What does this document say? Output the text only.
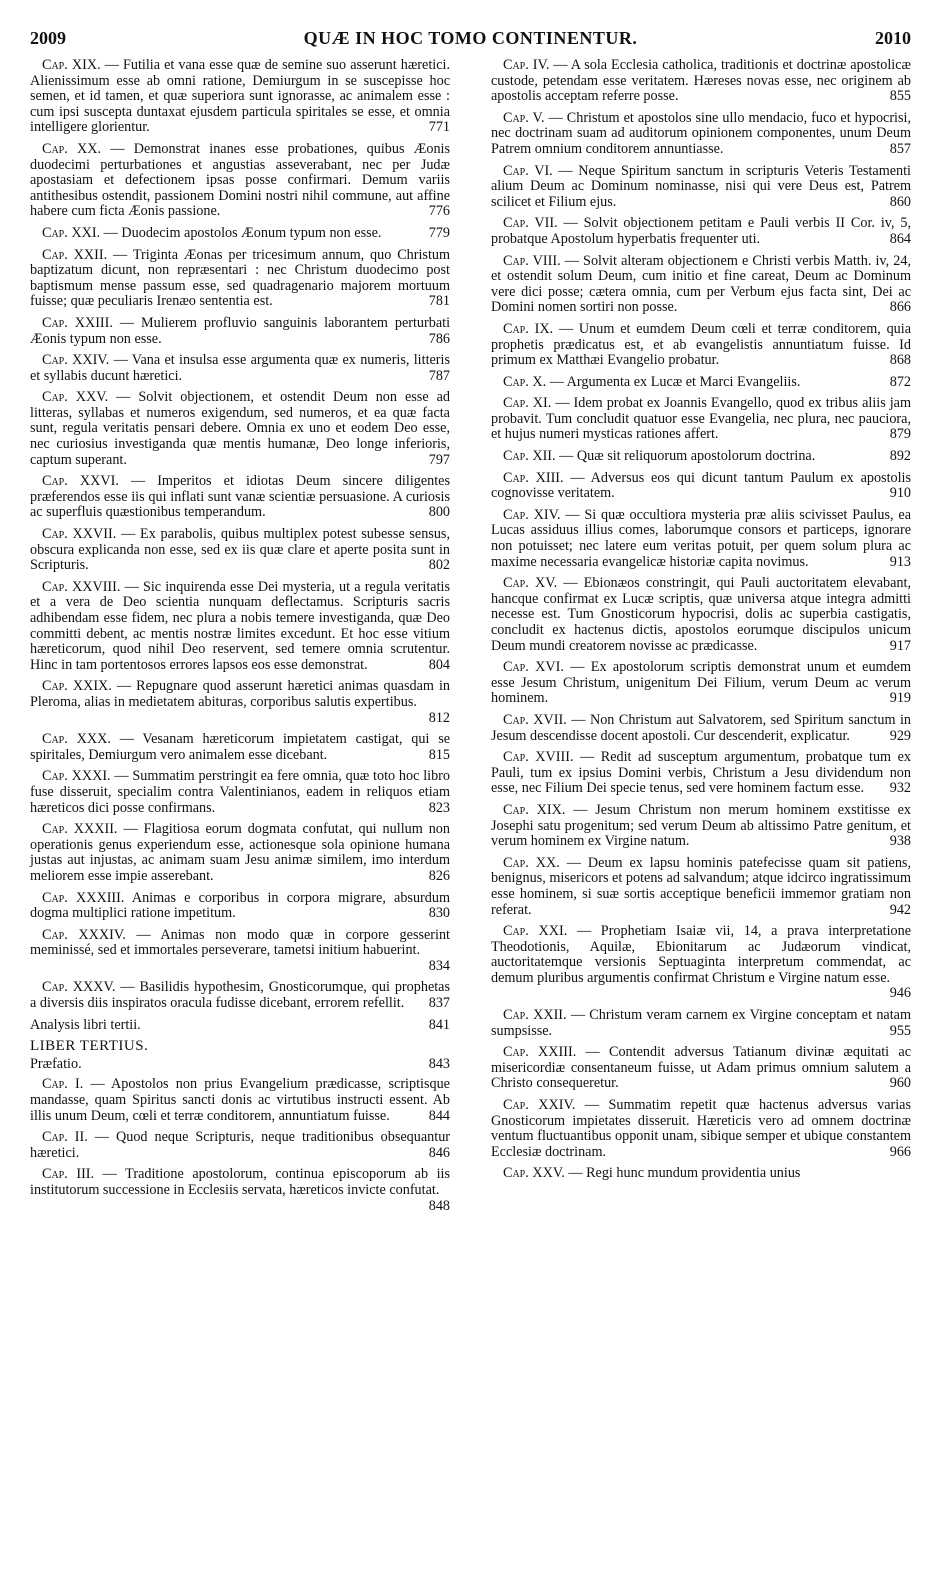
2009	QUÆ IN HOC TOMO CONTINENTUR.	2010

Cap. XIX. — Futilia et vana esse quæ de semine suo asserunt hæretici. Alienissimum esse ab omni ratione, Demiurgum in se suscepisse hoc semen, et id tamen, et quæ superiora sunt ignorasse, ac animalem esse : cum ipsi suscepta duntaxat ejusdem particula spiritales se esse, et omnia intelligere glorientur.	771

Cap. XX. — Demonstrat inanes esse probationes, quibus Æonis duodecimi perturbationes et angustias asseverabant, nec per Judæ apostasiam et defectionem ipsas posse confirmari. Demum variis antithesibus ostendit, passionem Domini nostri nihil commune, aut affine habere cum ficta Æonis passione.	776

Cap. XXI. — Duodecim apostolos Æonum typum non esse.	779

Cap. XXII. — Triginta Æonas per tricesimum annum, quo Christum baptizatum dicunt, non repræsentari : nec Christum duodecimo post baptismum mense passum esse, sed quadragenario majorem mortuum fuisse; quæ peculiaris Irenæo sententia est.	781

Cap. XXIII. — Mulierem profluvio sanguinis laborantem perturbati Æonis typum non esse.	786

Cap. XXIV. — Vana et insulsa esse argumenta quæ ex numeris, litteris et syllabis ducunt hæretici.	787

Cap. XXV. — Solvit objectionem, et ostendit Deum non esse ad litteras, syllabas et numeros exigendum, sed numeros, et ea quæ facta sunt, regula veritatis pensari debere. Omnia ex uno et eodem Deo esse, nec curiosius investiganda quæ mentis humanæ, Deo longe inferioris, captum superant.	797

Cap. XXVI. — Imperitos et idiotas Deum sincere diligentes præferendos esse iis qui inflati sunt vanæ scientiæ persuasione. A curiosis ac superfluis quæstionibus temperandum.	800

Cap. XXVII. — Ex parabolis, quibus multiplex potest subesse sensus, obscura explicanda non esse, sed ex iis quæ clare et aperte posita sunt in Scripturis.	802

Cap. XXVIII. — Sic inquirenda esse Dei mysteria, ut a regula veritatis et a vera de Deo scientia nunquam deflectamus. Scripturis sacris adhibendam esse fidem, nec plura a nobis temere investiganda, quæ Deo committi debent, ac mentis nostræ limites excedunt. Et hoc esse vitium hæreticorum, quod nihil Deo reservent, sed temere omnia scrutentur. Hinc in tam portentosos errores lapsos eos esse demonstrat.	804

Cap. XXIX. — Repugnare quod asserunt hæretici animas quasdam in Pleroma, alias in medietatem abituras, corporibus salutis expertibus.
812

Cap. XXX. — Vesanam hæreticorum impietatem castigat, qui se spiritales, Demiurgum vero animalem esse dicebant.	815

Cap. XXXI. — Summatim perstringit ea fere omnia, quæ toto hoc libro fuse disseruit, specialim contra Valentinianos, eadem in reliquos etiam hæreticos dici posse confirmans.	823

Cap. XXXII. — Flagitiosa eorum dogmata confutat, qui nullum non operationis genus experiendum esse, actionesque sola opinione humana justas aut injustas, ac animam suam Jesu animæ similem, imo interdum meliorem esse impie asserebant.	826

Cap. XXXIII. Animas e corporibus in corpora migrare, absurdum dogma multiplici ratione impetitum.	830

Cap. XXXIV. — Animas non modo quæ in corpore gesserint meminissé, sed et immortales perseverare, tametsi initium habuerint.
834

Cap. XXXV. — Basilidis hypothesim, Gnosticorumque, qui prophetas a diversis diis inspiratos oracula fudisse dicebant, errorem refellit.	837

Analysis libri tertii.	841

LIBER TERTIUS.

Præfatio.	843

Cap. I. — Apostolos non prius Evangelium prædicasse, scriptisque mandasse, quam Spiritus sancti donis ac virtutibus instructi essent. Ab illis unum Deum, cœli et terræ conditorem, annuntiatum fuisse.	844

Cap. II. — Quod neque Scripturis, neque traditionibus obsequantur hæretici.	846

Cap. III. — Traditione apostolorum, continua episcoporum ab iis institutorum successione in Ecclesiis servata, hæreticos invicte confutat.
848

Cap. IV. — A sola Ecclesia catholica, traditionis et doctrinæ apostolicæ custode, petendam esse veritatem. Hæreses novas esse, nec originem ab apostolis acceptam referre posse.	855

Cap. V. — Christum et apostolos sine ullo mendacio, fuco et hypocrisi, nec doctrinam suam ad auditorum opinionem componentes, unum Deum Patrem omnium conditorem annuntiasse.	857

Cap. VI. — Neque Spiritum sanctum in scripturis Veteris Testamenti alium Deum ac Dominum nominasse, nisi qui vere Deus est, Patrem scilicet et Filium ejus.	860

Cap. VII. — Solvit objectionem petitam e Pauli verbis II Cor. iv, 5, probatque Apostolum hyperbatis frequenter uti.	864

Cap. VIII. — Solvit alteram objectionem e Christi verbis Matth. iv, 24, et ostendit solum Deum, cum initio et fine careat, Deum ac Dominum vere dici posse; cætera omnia, cum per Verbum ejus facta sint, Dei ac Domini nomen sortiri non posse.	866

Cap. IX. — Unum et eumdem Deum cœli et terræ conditorem, quia prophetis prædicatus est, et ab evangelistis annuntiatum fuisse. Id primum ex Matthæi Evangelio probatur.	868

Cap. X. — Argumenta ex Lucæ et Marci Evangeliis.	872

Cap. XI. — Idem probat ex Joannis Evangello, quod ex tribus aliis jam probavit. Tum concludit quatuor esse Evangelia, nec plura, nec pauciora, et hujus numeri mysticas rationes affert.	879

Cap. XII. — Quæ sit reliquorum apostolorum doctrina.	892

Cap. XIII. — Adversus eos qui dicunt tantum Paulum ex apostolis cognovisse veritatem.	910

Cap. XIV. — Si quæ occultiora mysteria præ aliis scivisset Paulus, ea Lucas assiduus illius comes, laborumque consors et particeps, ignorare non potuisset; nec latere eum veritas potuit, per quem solum plura ac maxime necessaria evangelicæ historiæ capita novimus.	913

Cap. XV. — Ebionæos constringit, qui Pauli auctoritatem elevabant, hancque confirmat ex Lucæ scriptis, quæ universa atque integra admitti necesse est. Tum Gnosticorum hypocrisi, dolis ac superbia castigatis, concludit ex hactenus dictis, apostolos eorumque discipulos unicum Deum mundi creatorem novisse ac prædicasse.	917

Cap. XVI. — Ex apostolorum scriptis demonstrat unum et eumdem esse Jesum Christum, unigenitum Dei Filium, verum Deum ac verum hominem.	919

Cap. XVII. — Non Christum aut Salvatorem, sed Spiritum sanctum in Jesum descendisse docent apostoli. Cur descenderit, explicatur.	929

Cap. XVIII. — Redit ad susceptum argumentum, probatque tum ex Pauli, tum ex ipsius Domini verbis, Christum a Jesu dividendum non esse, nec Filium Dei specie tenus, sed vere hominem factum esse.	932

Cap. XIX. — Jesum Christum non merum hominem exstitisse ex Josephi satu progenitum; sed verum Deum ab altissimo Patre genitum, et verum hominem ex Virgine natum.	938

Cap. XX. — Deum ex lapsu hominis patefecisse quam sit patiens, benignus, misericors et potens ad salvandum; atque idcirco ingratissimum esse hominem, si suæ sortis acceptique beneficii immemor gratiam non referat.	942

Cap. XXI. — Prophetiam Isaiæ vii, 14, a prava interpretatione Theodotionis, Aquilæ, Ebionitarum ac Judæorum vindicat, auctoritatemque versionis Septuaginta interpretum commendat, ac demum pluribus argumentis confirmat Christum e Virgine natum esse.
946

Cap. XXII. — Christum veram carnem ex Virgine conceptam et natam sumpsisse.	955

Cap. XXIII. — Contendit adversus Tatianum divinæ æquitati ac misericordiæ consentaneum fuisse, ut Adam primus omnium salutem a Christo consequeretur.	960

Cap. XXIV. — Summatim repetit quæ hactenus adversus varias Gnosticorum impietates disseruit. Hæreticis vero ad omnem doctrinæ ventum fluctuantibus opponit unam, sibique semper et ubique constantem Ecclesiæ doctrinam.	966

Cap. XXV. — Regi hunc mundum providentia unius
